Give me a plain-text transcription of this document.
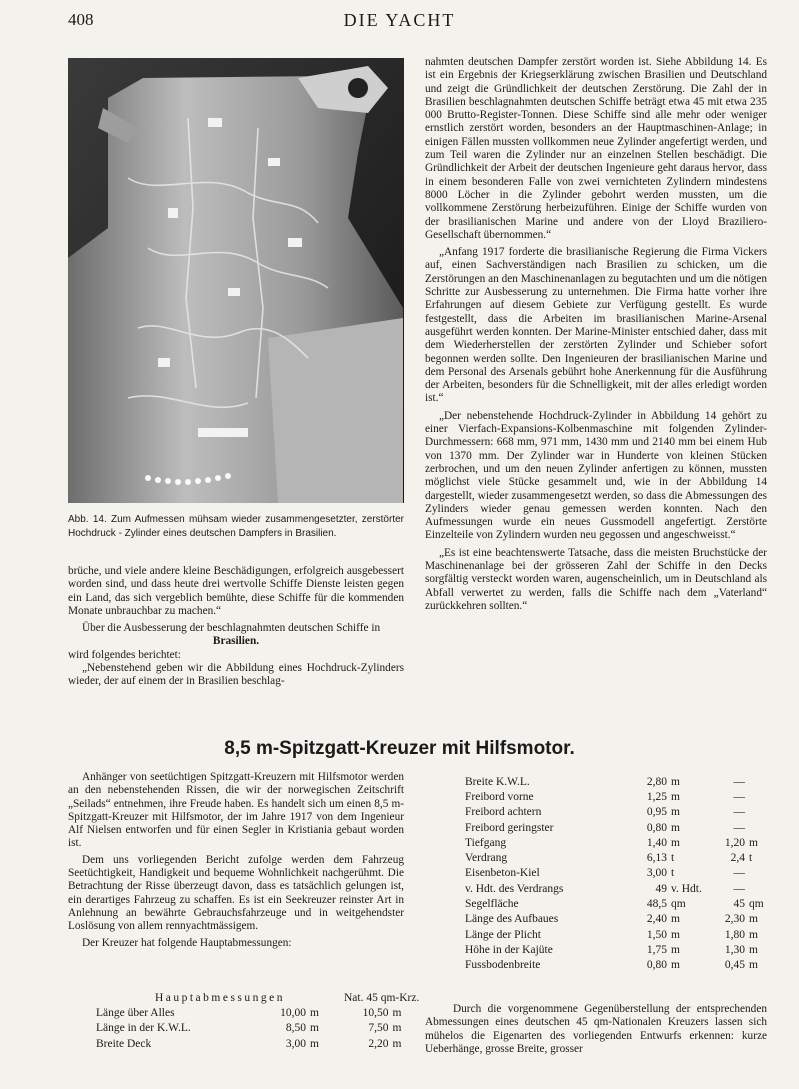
408	DIE YACHT
Abb. 14. Zum Aufmessen mühsam wieder zusammengesetzter, zerstörter Hochdruck - Zylinder eines deutschen Dampfers in Brasilien.

brüche, und viele andere kleine Beschädigungen, erfolgreich ausgebessert worden sind, und dass heute drei wertvolle Schiffe Dienste leisten gegen ein Land, das sich vergeblich bemühte, diese Schiffe für die kommenden Monate unbrauchbar zu machen.“

Über die Ausbesserung der beschlagnahmten deutschen Schiffe in

Brasilien.

wird folgendes berichtet:

„Nebenstehend geben wir die Abbildung eines Hochdruck-Zylinders wieder, der auf einem der in Brasilien beschlag-

nahmten deutschen Dampfer zerstört worden ist. Siehe Abbildung 14. Es ist ein Ergebnis der Kriegserklärung zwischen Brasilien und Deutschland und zeigt die Gründlichkeit der deutschen Zerstörung. Die Zahl der in Brasilien beschlagnahmten deutschen Schiffe beträgt etwa 45 mit etwa 235 000 Brutto-Register-Tonnen. Diese Schiffe sind alle mehr oder weniger ernstlich zerstört worden, besonders an der Hauptmaschinen-Anlage; in einigen Fällen mussten vollkommen neue Zylinder angefertigt werden, und zum Teil waren die Zylinder nur an einzelnen Stellen beschädigt. Die Gründlichkeit der Arbeit der deutschen Ingenieure geht daraus hervor, dass in einem besonderen Falle von zwei vernichteten Zylindern mindestens 8000 Löcher in die Zylinder gebohrt werden mussten, um die vollkommene Zerstörung herbeizuführen. Einige der Schiffe wurden von der brasilianischen Marine und andere von der Lloyd Braziliero-Gesellschaft übernommen.“

„Anfang 1917 forderte die brasilianische Regierung die Firma Vickers auf, einen Sachverständigen nach Brasilien zu schicken, um die Zerstörungen an den Maschinenanlagen zu begutachten und um die nötigen Schritte zur Ausbesserung zu unternehmen. Die Firma hatte vorher ihre Erfahrungen auf diesem Gebiete zur Verfügung gestellt. Es wurde festgestellt, dass die Arbeiten im brasilianischen Marine-Arsenal ausgeführt werden konnten. Der Marine-Minister entschied daher, dass mit dem Wiederherstellen der zerstörten Zylinder und Schieber sofort begonnen werden sollte. Den Ingenieuren der brasilianischen Marine und dem Personal des Arsenals gebührt hohe Anerkennung für die Ausführung der Arbeiten, besonders für die Schnelligkeit, mit der alles erledigt worden ist.“

„Der nebenstehende Hochdruck-Zylinder in Abbildung 14 gehört zu einer Vierfach-Expansions-Kolbenmaschine mit folgenden Zylinder-Durchmessern: 668 mm, 971 mm, 1430 mm und 2140 mm bei einem Hub von 1370 mm. Der Zylinder war in Hunderte von kleinen Stücken zerbrochen, und um den neuen Zylinder anfertigen zu können, mussten möglichst viele Stücke gesammelt und, wie in der Abbildung 14 dargestellt, wieder zusammengesetzt werden, so dass die Abmessungen des Zylinders wieder genau gemessen werden konnten. Nach den Aufmessungen wurde ein neues Gussmodell angefertigt. Zerstörte Einzelteile von Zylindern wurden neu gegossen und angeschweisst.“

„Es ist eine beachtenswerte Tatsache, dass die meisten Bruchstücke der Maschinenanlage bei der grösseren Zahl der Schiffe in den Decks sorgfältig versteckt worden waren, augenscheinlich, um in Deutschland als Abfall verwertet zu werden, falls die Schiffe nach dem „Vaterland“ zurückkehren sollten.“

8,5 m-Spitzgatt-Kreuzer mit Hilfsmotor.

Anhänger von seetüchtigen Spitzgatt-Kreuzern mit Hilfsmotor werden an den nebenstehenden Rissen, die wir der norwegischen Zeitschrift „Seilads“ entnehmen, ihre Freude haben. Es handelt sich um einen 8,5 m-Spitzgatt-Kreuzer mit Hilfsmotor, der im Jahre 1917 von dem Ingenieur Alf Nielsen entworfen und für einen Segler in Kristiania gebaut worden ist.

Dem uns vorliegenden Bericht zufolge werden dem Fahrzeug Seetüchtigkeit, Handigkeit und bequeme Wohnlichkeit nachgerühmt. Die Betrachtung der Risse überzeugt davon, dass es tatsächlich gelungen ist, ein derartiges Fahrzeug zu schaffen. Es ist ein Seekreuzer reinster Art in Anlehnung an bewährte Gebrauchsfahrzeuge und in weitgehendster Loslösung von allem rennyachtmässigem.

Der Kreuzer hat folgende Hauptabmessungen:

Hauptabmessungen			Nat. 45 qm-Krz.	
Länge über Alles	10,00	m	10,50	m
Länge in der K.W.L.	8,50	m	7,50	m
Breite Deck	3,00	m	2,20	m
Breite K.W.L.	2,80	m	—	
Freibord vorne	1,25	m	—	
Freibord achtern	0,95	m	—	
Freibord geringster	0,80	m	—	
Tiefgang	1,40	m	1,20	m
Verdrang	6,13	t	2,4	t
Eisenbeton-Kiel	3,00	t	—	
v. Hdt. des Verdrangs	49	v. Hdt.	—	
Segelfläche	48,5	qm	45	qm
Länge des Aufbaues	2,40	m	2,30	m
Länge der Plicht	1,50	m	1,80	m
Höhe in der Kajüte	1,75	m	1,30	m
Fussbodenbreite	0,80	m	0,45	m

Durch die vorgenommene Gegenüberstellung der entsprechenden Abmessungen eines deutschen 45 qm-Nationalen Kreuzers lassen sich mühelos die Eigenarten des vorliegenden Entwurfs erkennen: kurze Ueberhänge, grosse Breite, grosser
